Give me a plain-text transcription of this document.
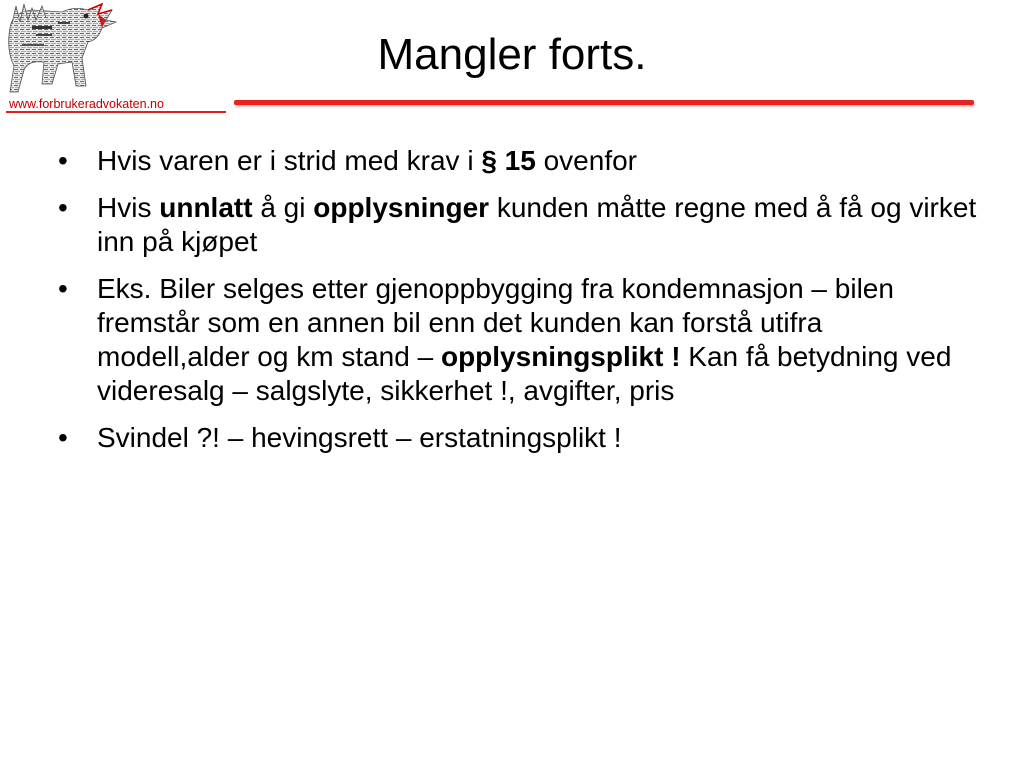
www.forbrukeradvokaten.no
Mangler forts.
• Hvis varen er i strid med krav i § 15 ovenfor
• Hvis unnlatt å gi opplysninger kunden måtte regne med å få og virket inn på kjøpet
• Eks. Biler selges etter gjenoppbygging fra kondemnasjon – bilen fremstår som en annen bil enn det kunden kan forstå utifra modell,alder og km stand – opplysningsplikt ! Kan få betydning ved videresalg – salgslyte, sikkerhet !, avgifter, pris
• Svindel ?! – hevingsrett – erstatningsplikt !
